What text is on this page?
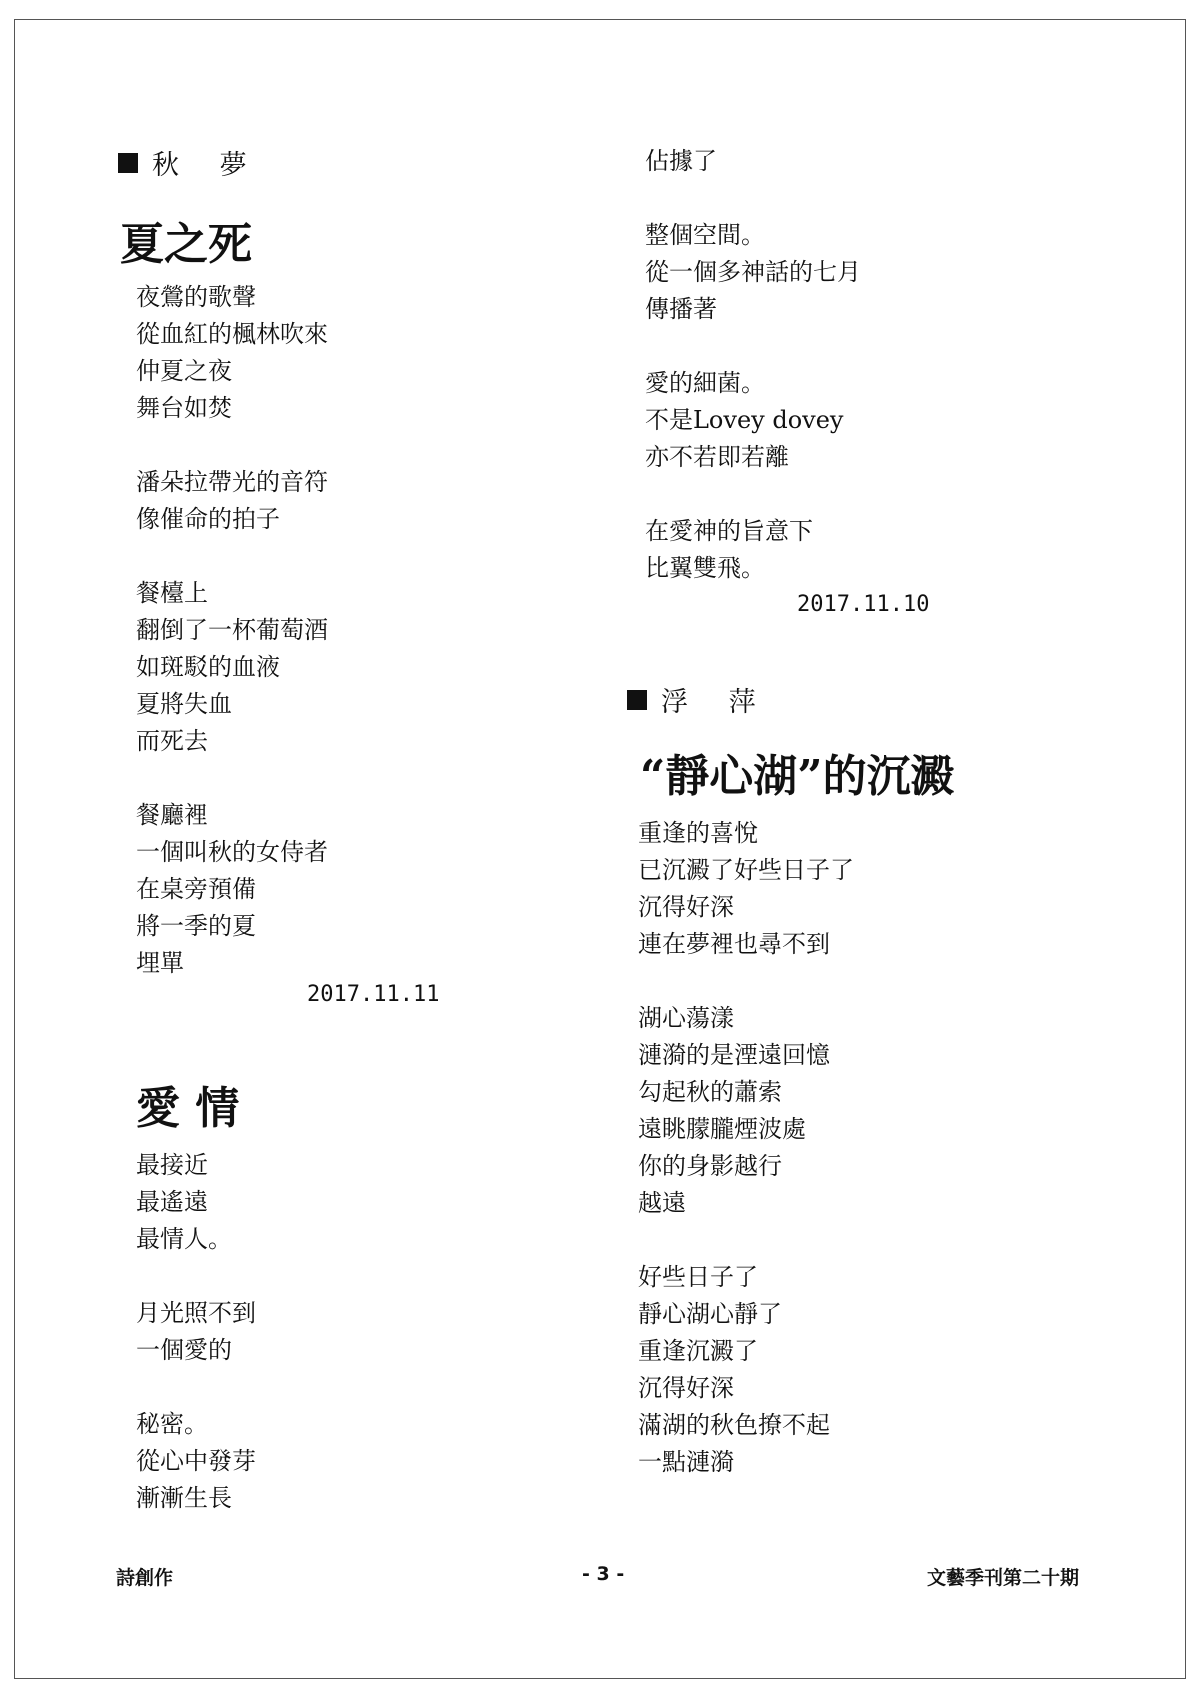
秋 夢
夏之死
夜鶯的歌聲
從血紅的楓林吹來
仲夏之夜
舞台如焚
潘朵拉帶光的音符
像催命的拍子
餐檯上
翻倒了一杯葡萄酒
如斑駁的血液
夏將失血
而死去
餐廳裡
一個叫秋的女侍者
在桌旁預備
將一季的夏
埋單
2017.11.11
愛 情
最接近
最遙遠
最情人。
月光照不到
一個愛的
秘密。
從心中發芽
漸漸生長
佔據了
整個空間。
從一個多神話的七月
傳播著
愛的細菌。
不是Lovey dovey
亦不若即若離
在愛神的旨意下
比翼雙飛。
2017.11.10
浮 萍
“靜心湖”的沉澱
重逢的喜悅
已沉澱了好些日子了
沉得好深
連在夢裡也尋不到
湖心蕩漾
漣漪的是湮遠回憶
勾起秋的蕭索
遠眺朦朧煙波處
你的身影越行
越遠
好些日子了
靜心湖心靜了
重逢沉澱了
沉得好深
滿湖的秋色撩不起
一點漣漪
詩創作	- 3 -	文藝季刊第二十期
